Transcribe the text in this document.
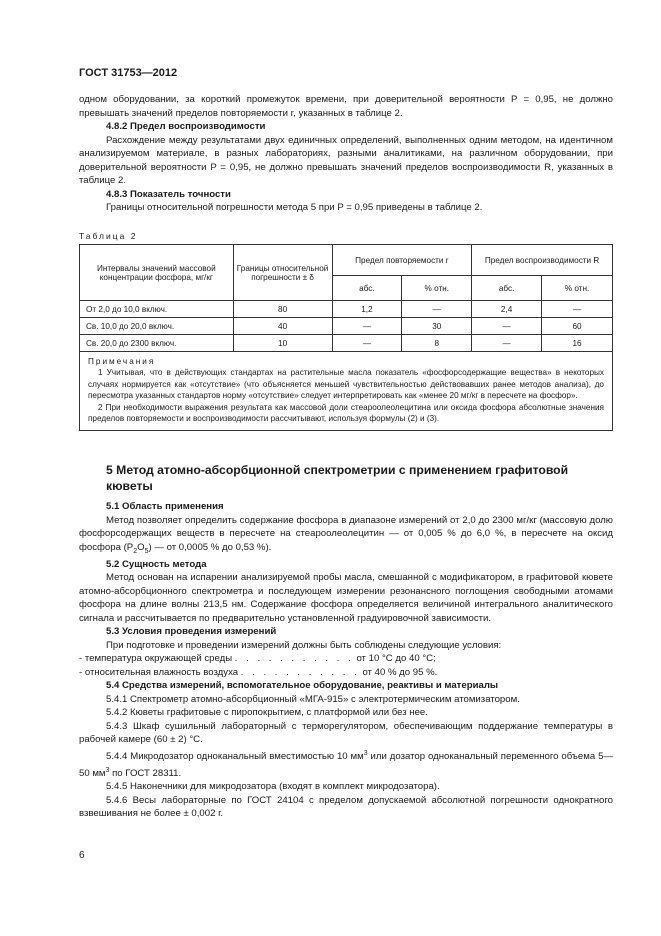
ГОСТ 31753—2012

одном оборудовании, за короткий промежуток времени, при доверительной вероятности P = 0,95, не должно превышать значений пределов повторяемости r, указанных в таблице 2.

4.8.2 Предел воспроизводимости

Расхождение между результатами двух единичных определений, выполненных одним методом, на идентичном анализируемом материале, в разных лабораториях, разными аналитиками, на различном оборудовании, при доверительной вероятности P = 0,95, не должно превышать значений пределов воспроизводимости R, указанных в таблице 2.

4.8.3 Показатель точности

Границы относительной погрешности метода 5 при P = 0,95 приведены в таблице 2.

Таблица 2
Интервалы значений массовой концентрации фосфора, мг/кг	Границы относительной погрешности ± δ	Предел повторяемости r		Предел воспроизводимости R	
		абс.	% отн.	абс.	% отн.
От 2,0 до 10,0 включ.	80	1,2	—	2,4	—
Св. 10,0 до 20,0 включ.	40	—	30	—	60
Св. 20,0 до 2300 включ.	10	—	8	—	16

Примечания
1 Учитывая, что в действующих стандартах на растительные масла показатель «фосфорсодержащие вещества» в некоторых случаях нормируется как «отсутствие» (что объясняется меньшей чувствительностью действовавших ранее методов анализа), до пересмотра указанных стандартов норму «отсутствие» следует интерпретировать как «менее 20 мг/кг в пересчете на фосфор».
2 При необходимости выражения результата как массовой доли стеароолеолецитина или оксида фосфора абсолютные значения пределов повторяемости и воспроизводимости рассчитывают, используя формулы (2) и (3).					
5 Метод атомно-абсорбционной спектрометрии с применением графитовой кюветы

5.1 Область применения

Метод позволяет определить содержание фосфора в диапазоне измерений от 2,0 до 2300 мг/кг (массовую долю фосфорсодержащих веществ в пересчете на стеароолеолецитин — от 0,005 % до 6,0 %, в пересчете на оксид фосфора $(P_2O_5)$ — от 0,0005 % до 0,53 %).

5.2 Сущность метода

Метод основан на испарении анализируемой пробы масла, смешанной с модификатором, в графитовой кювете атомно-абсорбционного спектрометра и последующем измерении резонансного поглощения свободными атомами фосфора на длине волны 213,5 нм. Содержание фосфора определяется величиной интегрального аналитического сигнала и рассчитывается по предварительно установленной градуировочной зависимости.

5.3 Условия проведения измерений

При подготовке и проведении измерений должны быть соблюдены следующие условия:

- температура окружающей среды . . . . . . . . . . . от 10 °С до 40 °С;

- относительная влажность воздуха . . . . . . . . . . . от 40 % до 95 %.

5.4 Средства измерений, вспомогательное оборудование, реактивы и материалы

5.4.1 Спектрометр атомно-абсорбционный «МГА-915» с электротермическим атомизатором.

5.4.2 Кюветы графитовые с пиропокрытием, с платформой или без нее.

5.4.3 Шкаф сушильный лабораторный с терморегулятором, обеспечивающим поддержание температуры в рабочей камере (60 ± 2) °С.

5.4.4 Микродозатор одноканальный вместимостью 10 $мм^3$ или дозатор одноканальный переменного объема 5—50 $мм^3$ по ГОСТ 28311.

5.4.5 Наконечники для микродозатора (входят в комплект микродозатора).

5.4.6 Весы лабораторные по ГОСТ 24104 с пределом допускаемой абсолютной погрешности однократного взвешивания не более ± 0,002 г.

6
